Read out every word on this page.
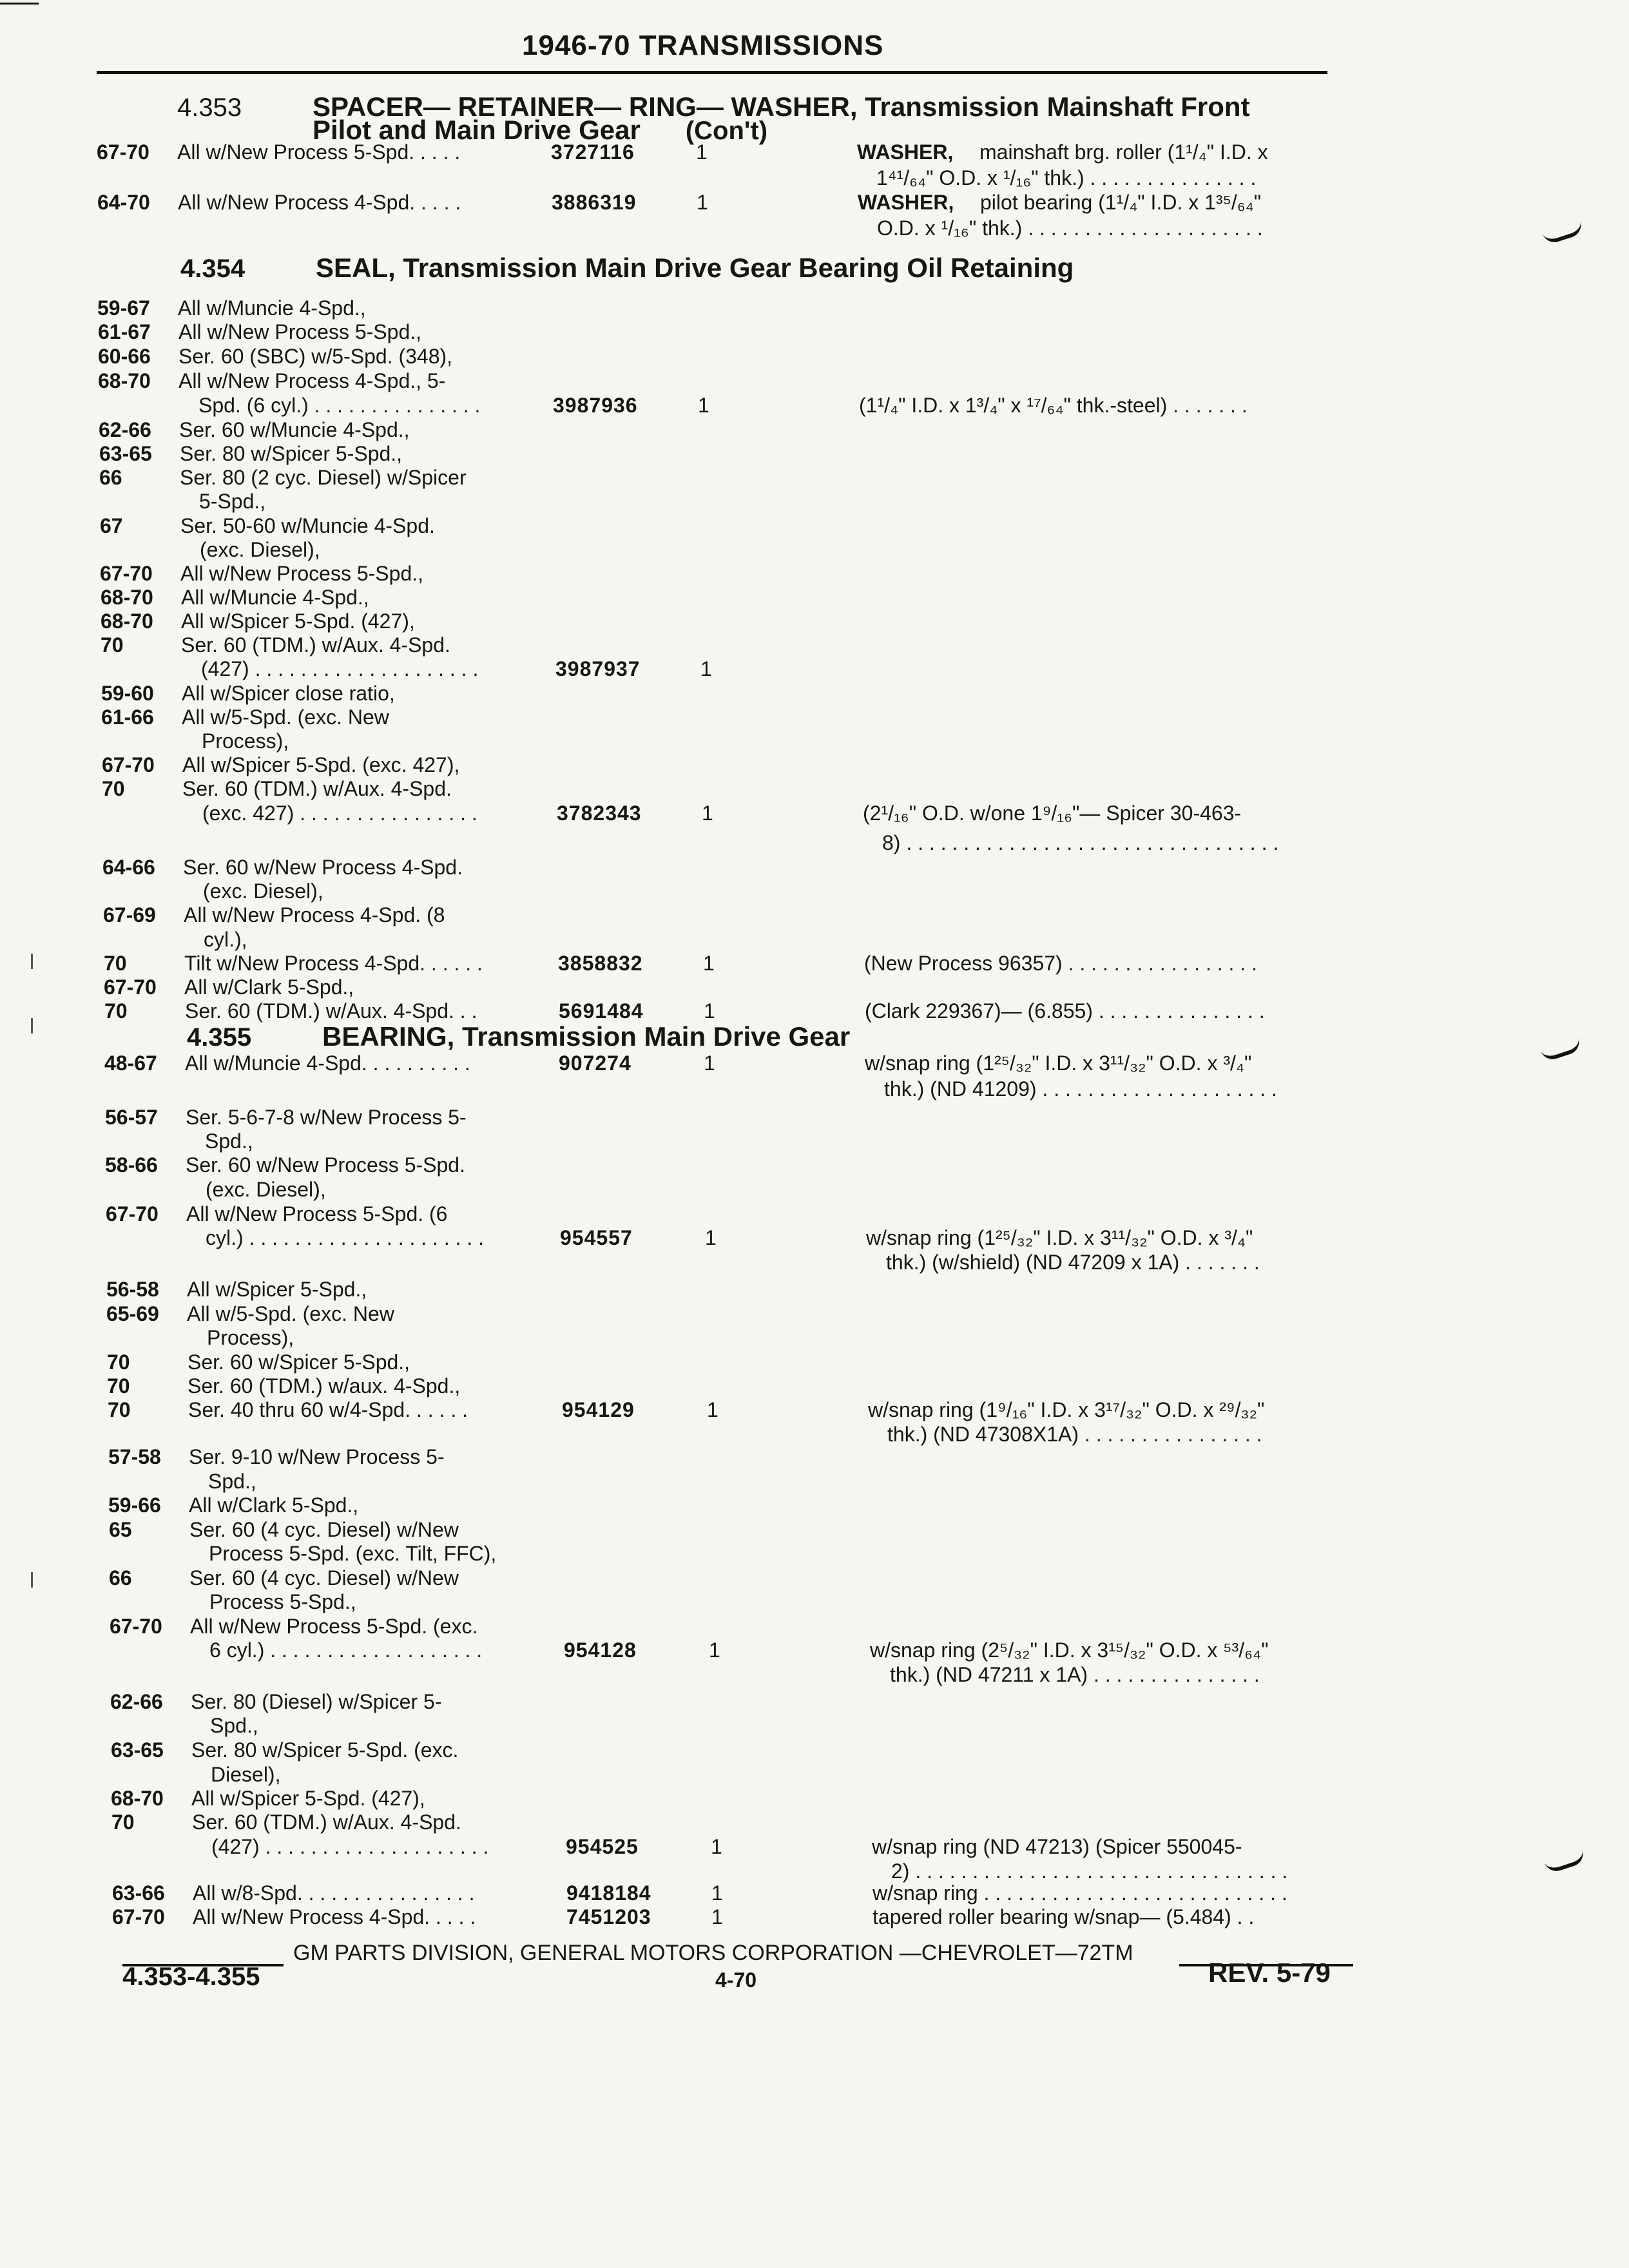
1946-70 TRANSMISSIONS
4.353	SPACER— RETAINER— RING— WASHER, Transmission Mainshaft Front
Pilot and Main Drive Gear (Con't)
4.354	SEAL, Transmission Main Drive Gear Bearing Oil Retaining
4.355	BEARING, Transmission Main Drive Gear
67-70 All w/New Process 5-Spd. . . . .	3727116	1	WASHER, mainshaft brg. roller (1¹/₄" I.D. x
1⁴¹/₆₄" O.D. x ¹/₁₆" thk.) . . . . . . . . . . . . . . .
64-70 All w/New Process 4-Spd. . . . .	3886319	1	WASHER, pilot bearing (1¹/₄" I.D. x 1³⁵/₆₄"
O.D. x ¹/₁₆" thk.) . . . . . . . . . . . . . . . . . . . . .
59-67 All w/Muncie 4-Spd.,
61-67 All w/New Process 5-Spd.,
60-66 Ser. 60 (SBC) w/5-Spd. (348),
68-70 All w/New Process 4-Spd., 5-
Spd. (6 cyl.) . . . . . . . . . . . . . . .	3987936	1	(1¹/₄" I.D. x 1³/₄" x ¹⁷/₆₄" thk.-steel) . . . . . . .
62-66 Ser. 60 w/Muncie 4-Spd.,
63-65 Ser. 80 w/Spicer 5-Spd.,
66	Ser. 80 (2 cyc. Diesel) w/Spicer
5-Spd.,
67	Ser. 50-60 w/Muncie 4-Spd.
(exc. Diesel),
67-70 All w/New Process 5-Spd.,
68-70 All w/Muncie 4-Spd.,
68-70 All w/Spicer 5-Spd. (427),
70	Ser. 60 (TDM.) w/Aux. 4-Spd.
(427) . . . . . . . . . . . . . . . . . . . .	3987937	1
59-60 All w/Spicer close ratio,
61-66 All w/5-Spd. (exc. New
Process),
67-70 All w/Spicer 5-Spd. (exc. 427),
70	Ser. 60 (TDM.) w/Aux. 4-Spd.
(exc. 427) . . . . . . . . . . . . . . . .	3782343	1	(2¹/₁₆" O.D. w/one 1⁹/₁₆"— Spicer 30-463-
8) . . . . . . . . . . . . . . . . . . . . . . . . . . . . . . . . .
64-66 Ser. 60 w/New Process 4-Spd.
(exc. Diesel),
67-69 All w/New Process 4-Spd. (8
cyl.),
70	Tilt w/New Process 4-Spd. . . . . .	3858832	1	(New Process 96357) . . . . . . . . . . . . . . . . .
67-70 All w/Clark 5-Spd.,
70	Ser. 60 (TDM.) w/Aux. 4-Spd. . .	5691484	1	(Clark 229367)— (6.855) . . . . . . . . . . . . . . .
48-67 All w/Muncie 4-Spd. . . . . . . . . .	907274	1	w/snap ring (1²⁵/₃₂" I.D. x 3¹¹/₃₂" O.D. x ³/₄"
thk.) (ND 41209) . . . . . . . . . . . . . . . . . . . . .
56-57 Ser. 5-6-7-8 w/New Process 5-
Spd.,
58-66 Ser. 60 w/New Process 5-Spd.
(exc. Diesel),
67-70 All w/New Process 5-Spd. (6
cyl.) . . . . . . . . . . . . . . . . . . . . .	954557	1	w/snap ring (1²⁵/₃₂" I.D. x 3¹¹/₃₂" O.D. x ³/₄"
thk.) (w/shield) (ND 47209 x 1A) . . . . . . .
56-58 All w/Spicer 5-Spd.,
65-69 All w/5-Spd. (exc. New
Process),
70	Ser. 60 w/Spicer 5-Spd.,
70	Ser. 60 (TDM.) w/aux. 4-Spd.,
70	Ser. 40 thru 60 w/4-Spd. . . . . .	954129	1	w/snap ring (1⁹/₁₆" I.D. x 3¹⁷/₃₂" O.D. x ²⁹/₃₂"
thk.) (ND 47308X1A) . . . . . . . . . . . . . . . .
57-58 Ser. 9-10 w/New Process 5-
Spd.,
59-66 All w/Clark 5-Spd.,
65	Ser. 60 (4 cyc. Diesel) w/New
Process 5-Spd. (exc. Tilt, FFC),
66	Ser. 60 (4 cyc. Diesel) w/New
Process 5-Spd.,
67-70 All w/New Process 5-Spd. (exc.
6 cyl.) . . . . . . . . . . . . . . . . . . .	954128	1	w/snap ring (2⁵/₃₂" I.D. x 3¹⁵/₃₂" O.D. x ⁵³/₆₄"
thk.) (ND 47211 x 1A) . . . . . . . . . . . . . . .
62-66 Ser. 80 (Diesel) w/Spicer 5-
Spd.,
63-65 Ser. 80 w/Spicer 5-Spd. (exc.
Diesel),
68-70 All w/Spicer 5-Spd. (427),
70	Ser. 60 (TDM.) w/Aux. 4-Spd.
(427) . . . . . . . . . . . . . . . . . . . .	954525	1	w/snap ring (ND 47213) (Spicer 550045-
2) . . . . . . . . . . . . . . . . . . . . . . . . . . . . . . . . .
63-66 All w/8-Spd. . . . . . . . . . . . . . . .	9418184	1	w/snap ring . . . . . . . . . . . . . . . . . . . . . . . . . . .
67-70 All w/New Process 4-Spd. . . . .	7451203	1	tapered roller bearing w/snap— (5.484) . .
GM PARTS DIVISION, GENERAL MOTORS CORPORATION —CHEVROLET—72TM
4.353-4.355	4-70	REV. 5-79
